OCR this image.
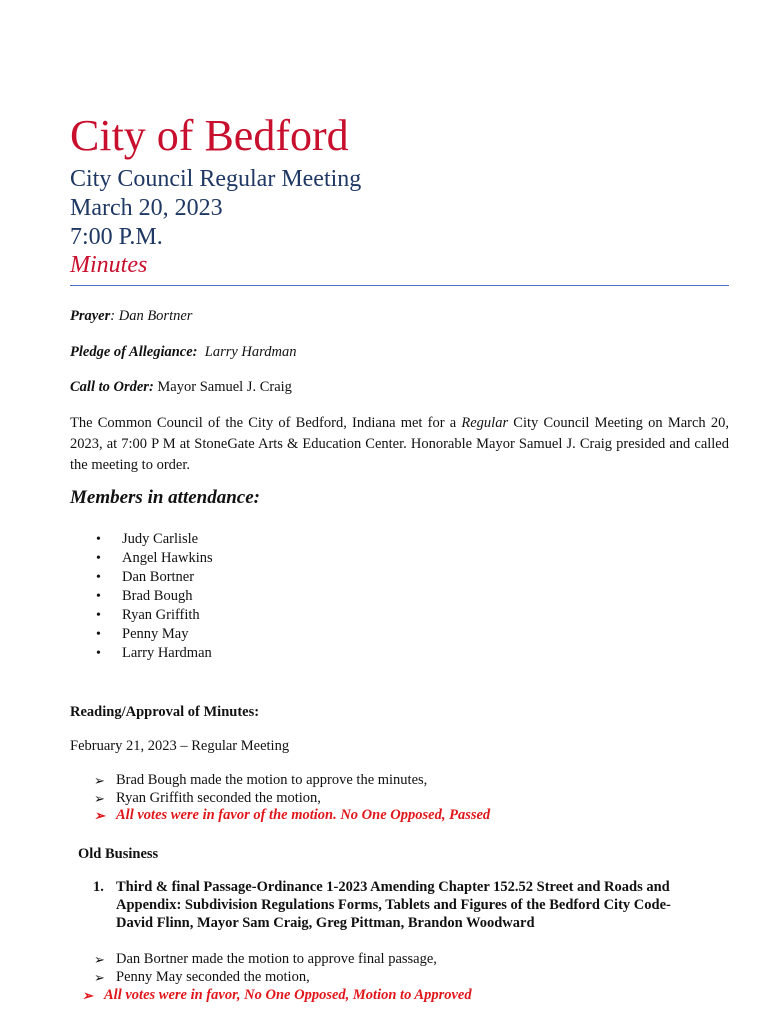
City of Bedford
City Council Regular Meeting
March 20, 2023
7:00 P.M.
Minutes
Prayer: Dan Bortner
Pledge of Allegiance: Larry Hardman
Call to Order: Mayor Samuel J. Craig
The Common Council of the City of Bedford, Indiana met for a Regular City Council Meeting on March 20, 2023, at 7:00 P M at StoneGate Arts & Education Center. Honorable Mayor Samuel J. Craig presided and called the meeting to order.
Members in attendance:
• Judy Carlisle
• Angel Hawkins
• Dan Bortner
• Brad Bough
• Ryan Griffith
• Penny May
• Larry Hardman
Reading/Approval of Minutes:
February 21, 2023 – Regular Meeting
➢ Brad Bough made the motion to approve the minutes,
➢ Ryan Griffith seconded the motion,
➢ All votes were in favor of the motion. No One Opposed, Passed
Old Business
1. Third & final Passage-Ordinance 1-2023 Amending Chapter 152.52 Street and Roads and Appendix: Subdivision Regulations Forms, Tablets and Figures of the Bedford City Code-David Flinn, Mayor Sam Craig, Greg Pittman, Brandon Woodward
➢ Dan Bortner made the motion to approve final passage,
➢ Penny May seconded the motion,
➢ All votes were in favor, No One Opposed, Motion to Approved
